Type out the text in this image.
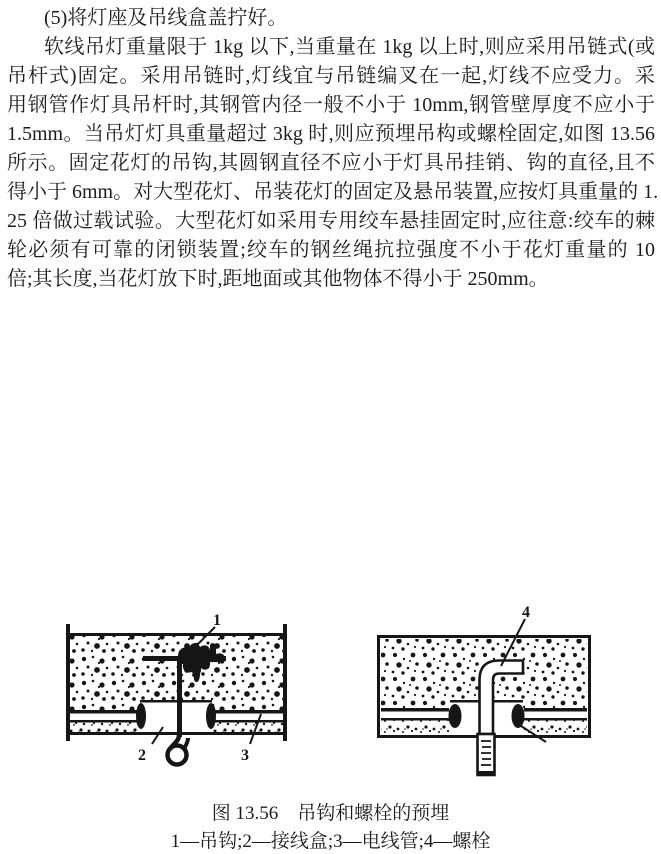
(5)将灯座及吊线盒盖拧好。
软线吊灯重量限于 1kg 以下,当重量在 1kg 以上时,则应采用吊链式(或
吊杆式)固定。采用吊链时,灯线宜与吊链编叉在一起,灯线不应受力。采
用钢管作灯具吊杆时,其钢管内径一般不小于 10mm,钢管壁厚度不应小于
1.5mm。当吊灯灯具重量超过 3kg 时,则应预埋吊构或螺栓固定,如图 13.56
所示。固定花灯的吊钩,其圆钢直径不应小于灯具吊挂销、钩的直径,且不
得小于 6mm。对大型花灯、吊装花灯的固定及悬吊装置,应按灯具重量的 1.
25 倍做过载试验。大型花灯如采用专用绞车悬挂固定时,应往意:绞车的棘
轮必须有可靠的闭锁装置;绞车的钢丝绳抗拉强度不小于花灯重量的 10
倍;其长度,当花灯放下时,距地面或其他物体不得小于 250mm。
1
2	3
4
图 13.56　吊钩和螺栓的预埋
1—吊钩;2—接线盒;3—电线管;4—螺栓
